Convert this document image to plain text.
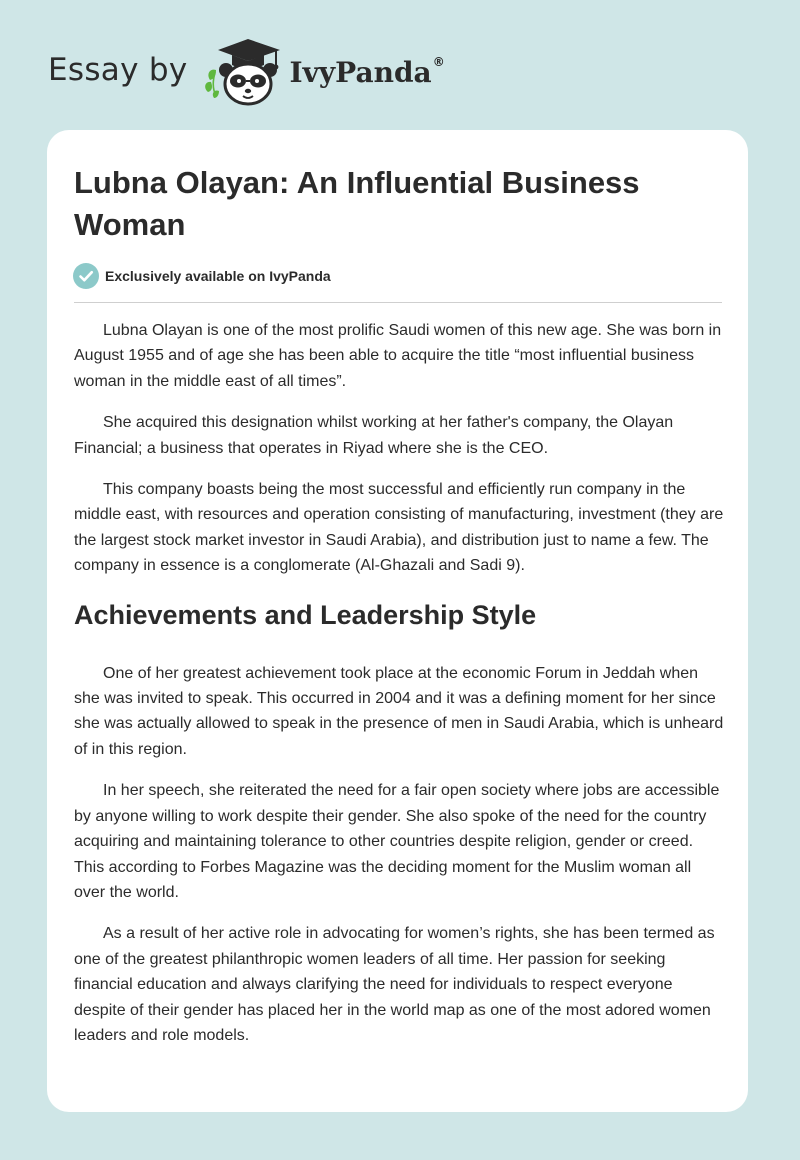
Essay by	IvyPanda ®
Lubna Olayan: An Influential Business Woman
Exclusively available on IvyPanda

Lubna Olayan is one of the most prolific Saudi women of this new age. She was born in August 1955 and of age she has been able to acquire the title “most influential business woman in the middle east of all times”.

She acquired this designation whilst working at her father's company, the Olayan Financial; a business that operates in Riyad where she is the CEO.

This company boasts being the most successful and efficiently run company in the middle east, with resources and operation consisting of manufacturing, investment (they are the largest stock market investor in Saudi Arabia), and distribution just to name a few. The company in essence is a conglomerate (Al-Ghazali and Sadi 9).

Achievements and Leadership Style

One of her greatest achievement took place at the economic Forum in Jeddah when she was invited to speak. This occurred in 2004 and it was a defining moment for her since she was actually allowed to speak in the presence of men in Saudi Arabia, which is unheard of in this region.

In her speech, she reiterated the need for a fair open society where jobs are accessible by anyone willing to work despite their gender. She also spoke of the need for the country acquiring and maintaining tolerance to other countries despite religion, gender or creed. This according to Forbes Magazine was the deciding moment for the Muslim woman all over the world.

As a result of her active role in advocating for women’s rights, she has been termed as one of the greatest philanthropic women leaders of all time. Her passion for seeking financial education and always clarifying the need for individuals to respect everyone despite of their gender has placed her in the world map as one of the most adored women leaders and role models.
